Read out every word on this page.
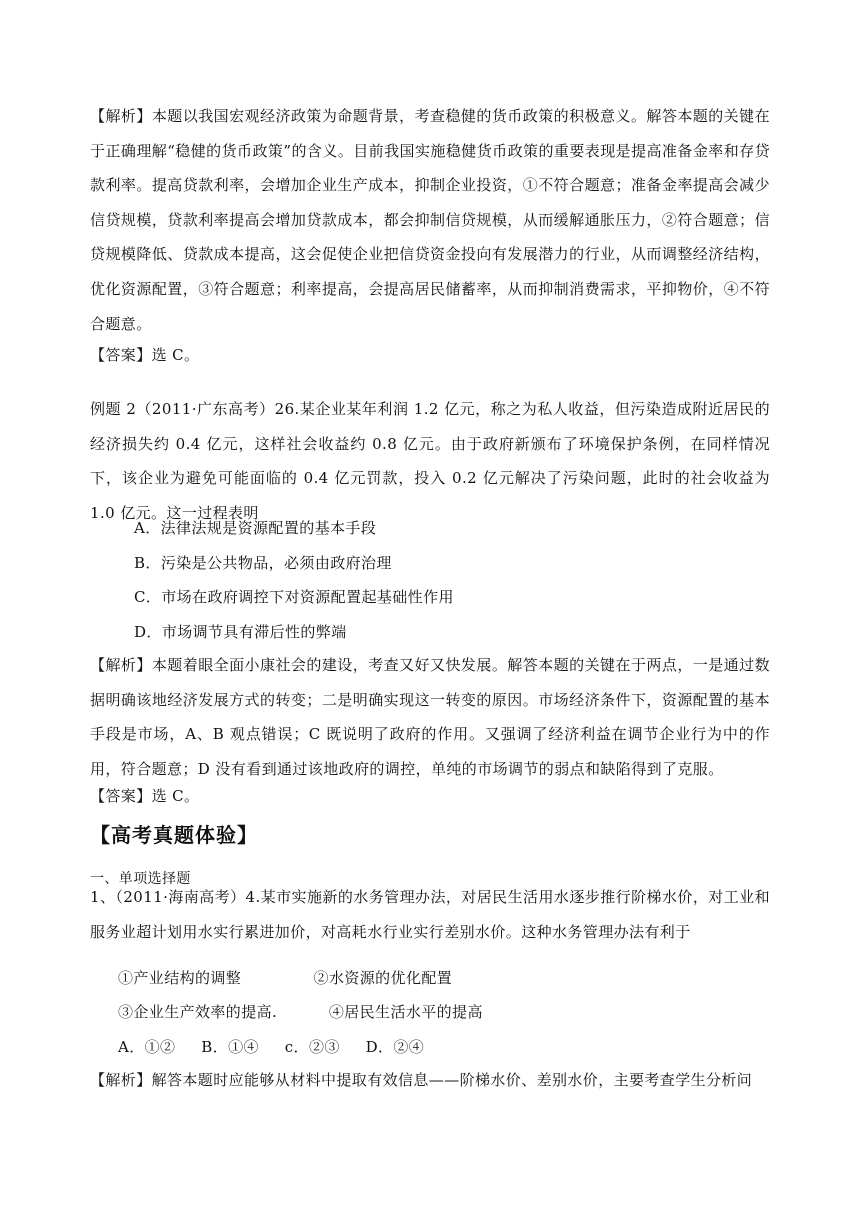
【解析】本题以我国宏观经济政策为命题背景，考查稳健的货币政策的积极意义。解答本题的关键在于正确理解“稳健的货币政策”的含义。目前我国实施稳健货币政策的重要表现是提高准备金率和存贷款利率。提高贷款利率，会增加企业生产成本，抑制企业投资，①不符合题意；准备金率提高会减少信贷规模，贷款利率提高会增加贷款成本，都会抑制信贷规模，从而缓解通胀压力，②符合题意；信贷规模降低、贷款成本提高，这会促使企业把信贷资金投向有发展潜力的行业，从而调整经济结构，优化资源配置，③符合题意；利率提高，会提高居民储蓄率，从而抑制消费需求，平抑物价，④不符合题意。

【答案】选 C。

例题 2（2011·广东高考）26.某企业某年利润 1.2 亿元，称之为私人收益，但污染造成附近居民的经济损失约 0.4 亿元，这样社会收益约 0.8 亿元。由于政府新颁布了环境保护条例，在同样情况下，该企业为避免可能面临的 0.4 亿元罚款，投入 0.2 亿元解决了污染问题，此时的社会收益为 1.0 亿元。这一过程表明

A．法律法规是资源配置的基本手段
B．污染是公共物品，必须由政府治理
C．市场在政府调控下对资源配置起基础性作用
D．市场调节具有滞后性的弊端

【解析】本题着眼全面小康社会的建设，考查又好又快发展。解答本题的关键在于两点，一是通过数据明确该地经济发展方式的转变；二是明确实现这一转变的原因。市场经济条件下，资源配置的基本手段是市场，A、B 观点错误；C 既说明了政府的作用。又强调了经济利益在调节企业行为中的作用，符合题意；D 没有看到通过该地政府的调控，单纯的市场调节的弱点和缺陷得到了克服。

【答案】选 C。

【高考真题体验】
一、单项选择题

1、（2011·海南高考）4.某市实施新的水务管理办法，对居民生活用水逐步推行阶梯水价，对工业和服务业超计划用水实行累进加价，对高耗水行业实行差别水价。这种水务管理办法有利于

①产业结构的调整              ②水资源的优化配置
③企业生产效率的提高.          ④居民生活水平的提高
A．①②     B．①④     c．②③     D．②④

【解析】解答本题时应能够从材料中提取有效信息——阶梯水价、差别水价，主要考查学生分析问
